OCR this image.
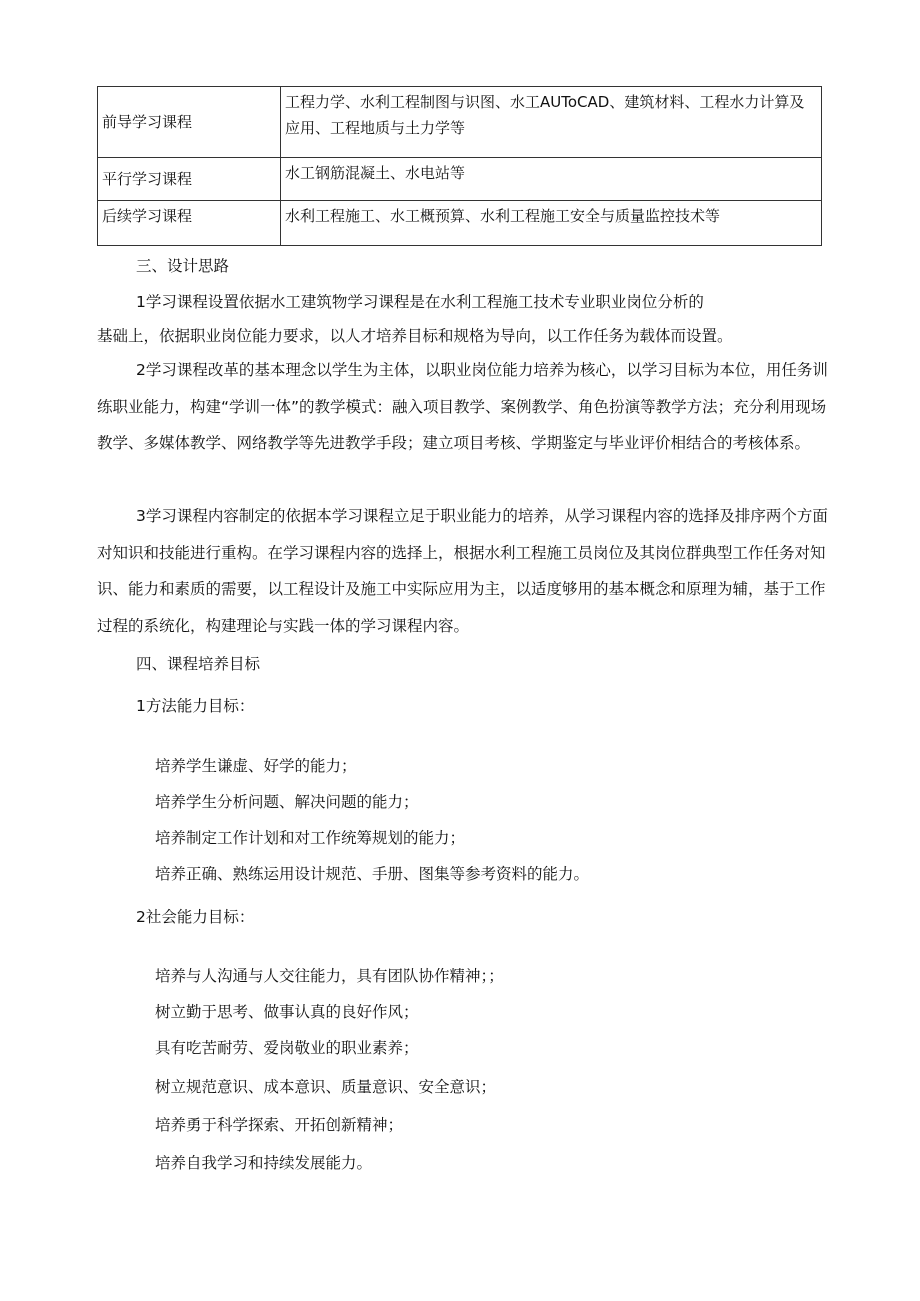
前导学习课程	工程力学、水利工程制图与识图、水工AUToCAD、建筑材料、工程水力计算及应用、工程地质与土力学等
平行学习课程	水工钢筋混凝土、水电站等
后续学习课程	水利工程施工、水工概预算、水利工程施工安全与质量监控技术等
三、设计思路
1学习课程设置依据水工建筑物学习课程是在水利工程施工技术专业职业岗位分析的
基础上，依据职业岗位能力要求，以人才培养目标和规格为导向，以工作任务为载体而设置。

2学习课程改革的基本理念以学生为主体，以职业岗位能力培养为核心，以学习目标为本位，用任务训练职业能力，构建“学训一体”的教学模式：融入项目教学、案例教学、角色扮演等教学方法；充分利用现场教学、多媒体教学、网络教学等先进教学手段；建立项目考核、学期鉴定与毕业评价相结合的考核体系。

3学习课程内容制定的依据本学习课程立足于职业能力的培养，从学习课程内容的选择及排序两个方面对知识和技能进行重构。在学习课程内容的选择上，根据水利工程施工员岗位及其岗位群典型工作任务对知识、能力和素质的需要，以工程设计及施工中实际应用为主，以适度够用的基本概念和原理为辅，基于工作过程的系统化，构建理论与实践一体的学习课程内容。

四、课程培养目标
1方法能力目标：
培养学生谦虚、好学的能力；
培养学生分析问题、解决问题的能力；
培养制定工作计划和对工作统筹规划的能力；
培养正确、熟练运用设计规范、手册、图集等参考资料的能力。
2社会能力目标：
培养与人沟通与人交往能力，具有团队协作精神；；
树立勤于思考、做事认真的良好作风；
具有吃苦耐劳、爱岗敬业的职业素养；
树立规范意识、成本意识、质量意识、安全意识；
培养勇于科学探索、开拓创新精神；
培养自我学习和持续发展能力。
